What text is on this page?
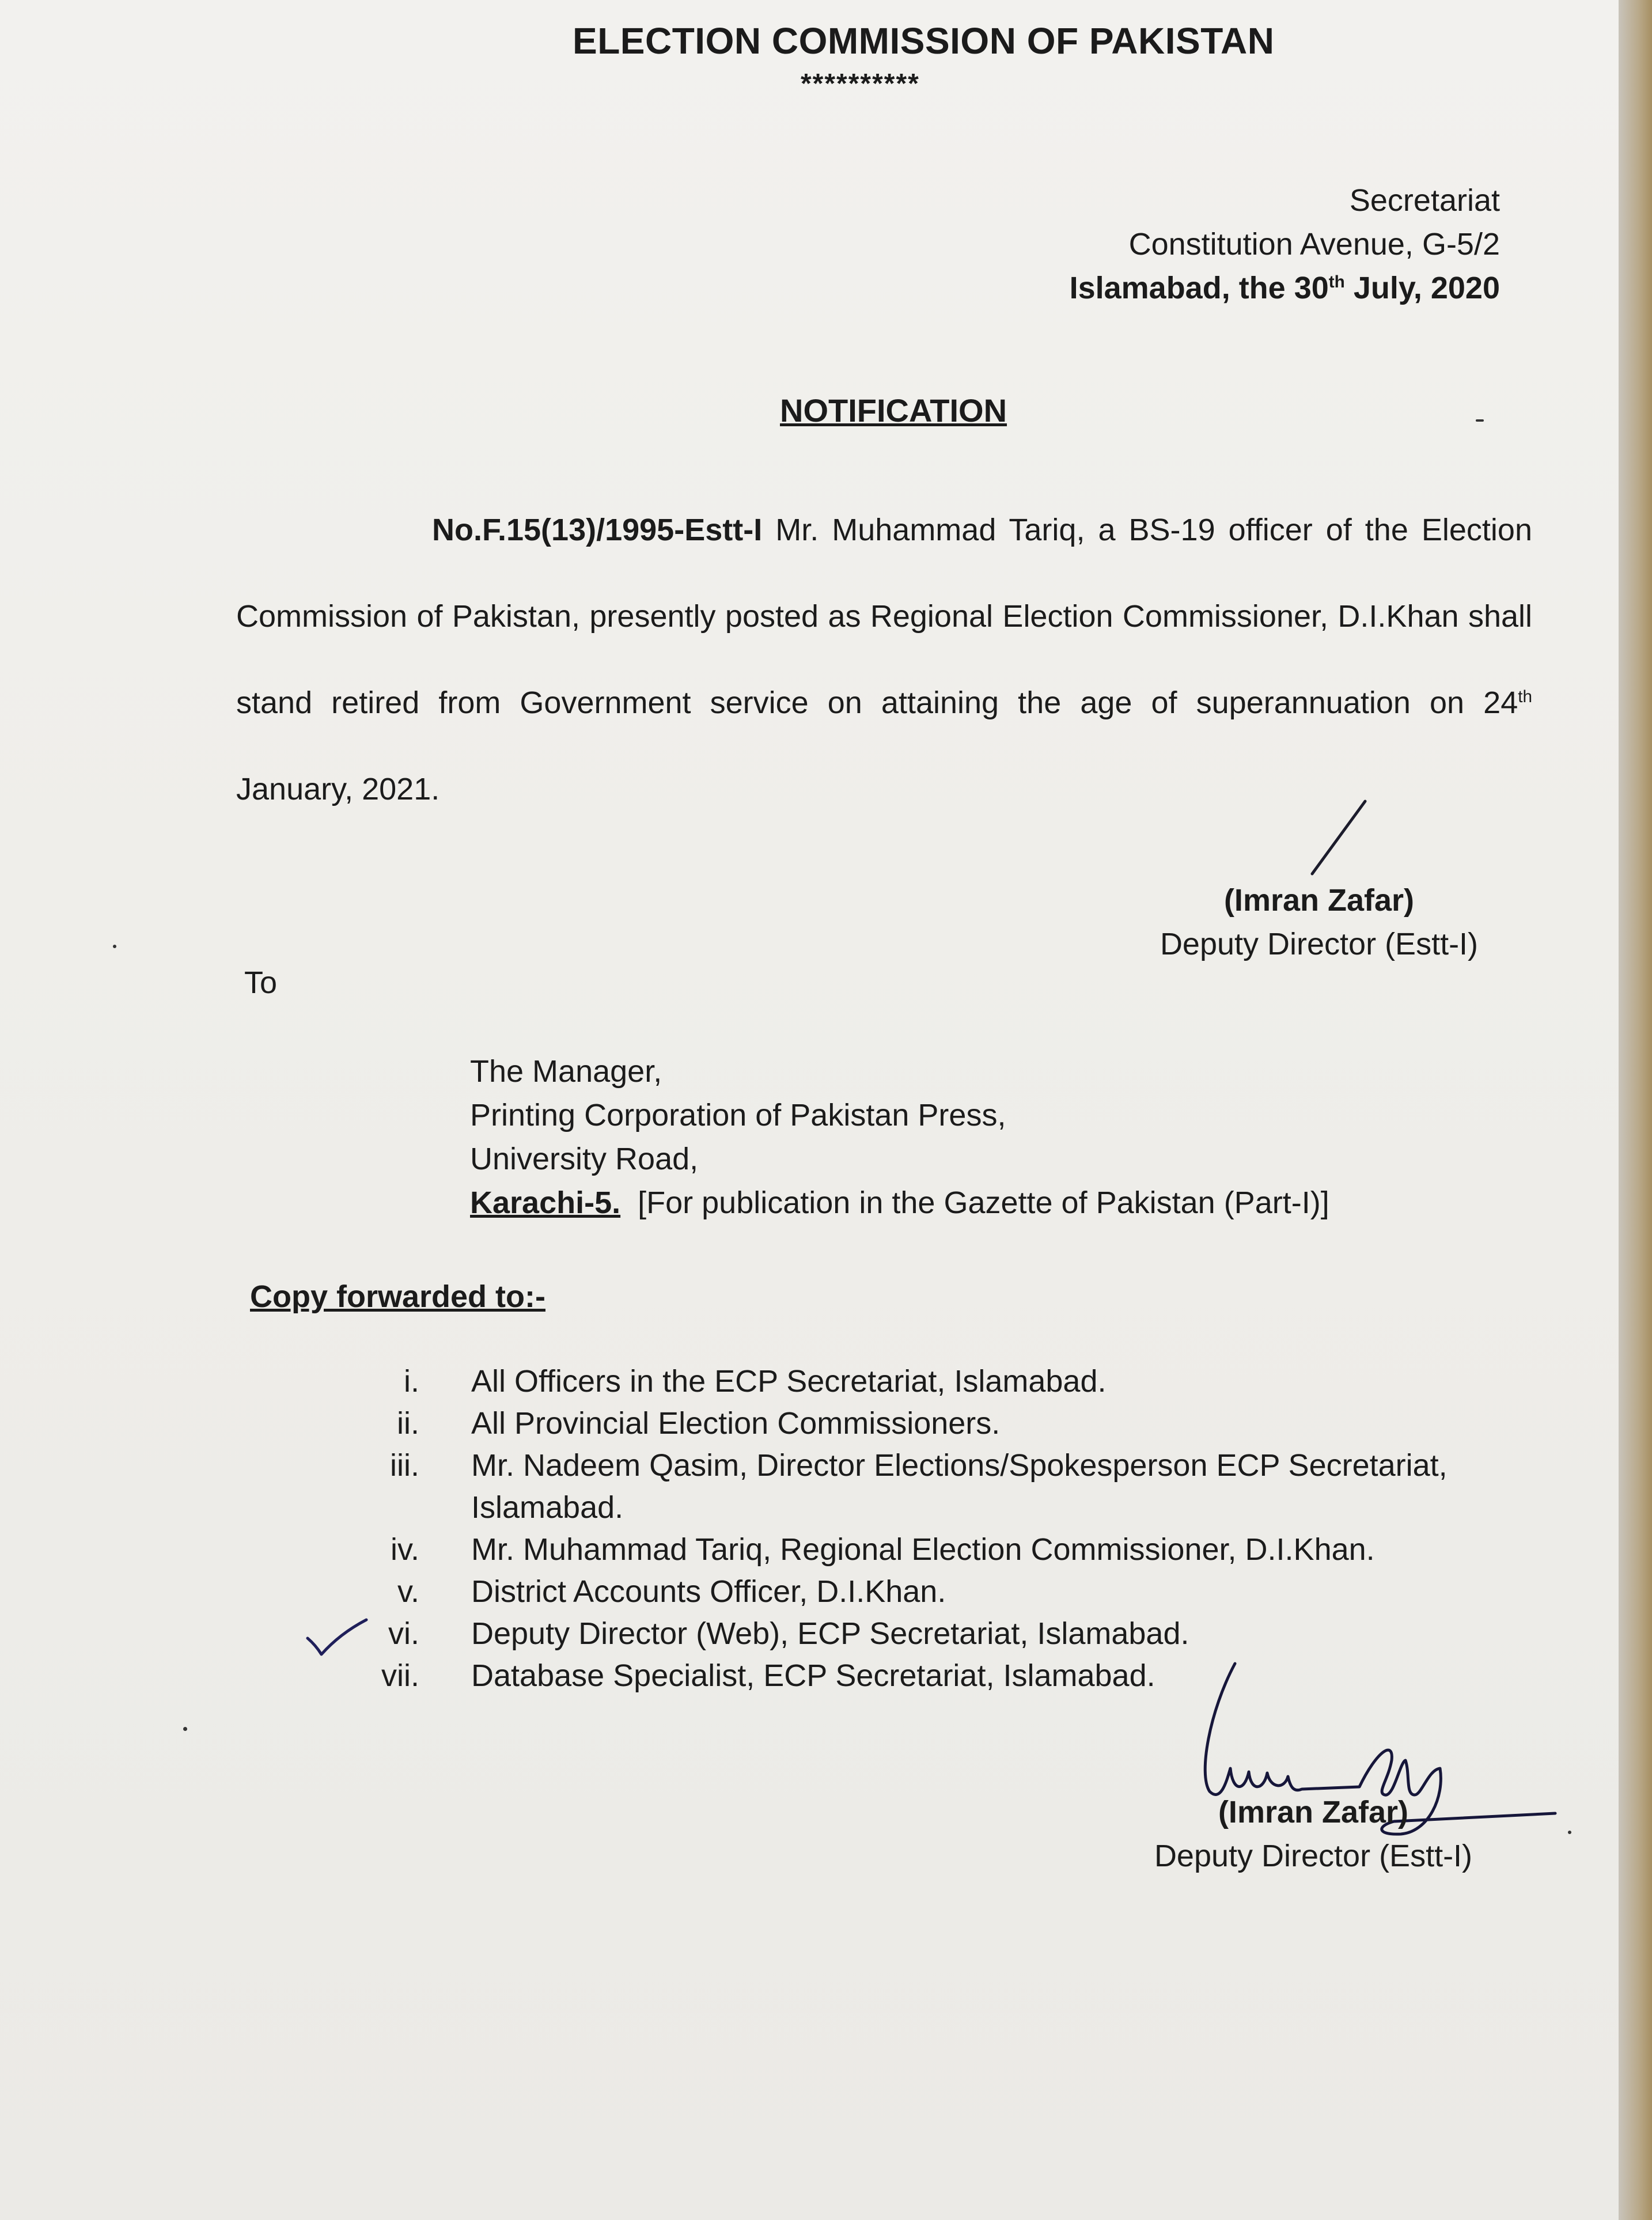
ELECTION COMMISSION OF PAKISTAN
**********
Secretariat
Constitution Avenue, G-5/2
Islamabad, the 30th July, 2020
NOTIFICATION
No.F.15(13)/1995-Estt-I Mr. Muhammad Tariq, a BS-19 officer of the Election Commission of Pakistan, presently posted as Regional Election Commissioner, D.I.Khan shall stand retired from Government service on attaining the age of superannuation on 24th January, 2021.
(Imran Zafar)
Deputy Director (Estt-I)
To
The Manager,
Printing Corporation of Pakistan Press,
University Road,
Karachi-5. [For publication in the Gazette of Pakistan (Part-I)]
Copy forwarded to:-
i.	All Officers in the ECP Secretariat, Islamabad.
ii.	All Provincial Election Commissioners.
iii.	Mr. Nadeem Qasim, Director Elections/Spokesperson ECP Secretariat, Islamabad.
iv.	Mr. Muhammad Tariq, Regional Election Commissioner, D.I.Khan.
v.	District Accounts Officer, D.I.Khan.
vi.	Deputy Director (Web), ECP Secretariat, Islamabad.
vii.	Database Specialist, ECP Secretariat, Islamabad.
(Imran Zafar)
Deputy Director (Estt-I)
